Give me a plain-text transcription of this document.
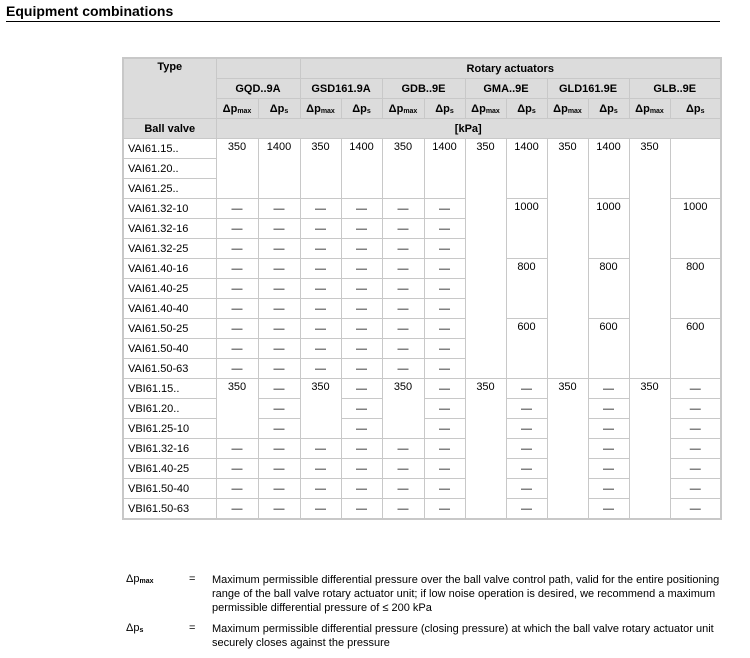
Equipment combinations
Type			Rotary actuators									
	GQD..9A		GSD161.9A		GDB..9E		GMA..9E		GLD161.9E		GLB..9E	
	$\Delta p_{max}$	$\Delta p_s$	$\Delta p_{max}$	$\Delta p_s$	$\Delta p_{max}$	$\Delta p_s$	$\Delta p_{max}$	$\Delta p_s$	$\Delta p_{max}$	$\Delta p_s$	$\Delta p_{max}$	$\Delta p_s$
Ball valve	[kPa]											
VAI61.15..	350	1400	350	1400	350	1400	350	1400	350	1400	350	
VAI61.20..												
VAI61.25..												
VAI61.32-10	—	—	—	—	—	—		1000		1000		1000
VAI61.32-16	—	—	—	—	—	—						
VAI61.32-25	—	—	—	—	—	—						
VAI61.40-16	—	—	—	—	—	—		800		800		800
VAI61.40-25	—	—	—	—	—	—						
VAI61.40-40	—	—	—	—	—	—						
VAI61.50-25	—	—	—	—	—	—		600		600		600
VAI61.50-40	—	—	—	—	—	—						
VAI61.50-63	—	—	—	—	—	—						
VBI61.15..	350	—	350	—	350	—	350	—	350	—	350	—
VBI61.20..		—		—		—		—		—		—
VBI61.25-10		—		—		—		—		—		—
VBI61.32-16	—	—	—	—	—	—		—		—		—
VBI61.40-25	—	—	—	—	—	—		—		—		—
VBI61.50-40	—	—	—	—	—	—		—		—		—
VBI61.50-63	—	—	—	—	—	—		—		—		—
$\Delta p_{max}$	= Maximum permissible differential pressure over the ball valve control path, valid for the entire positioning range of the ball valve rotary actuator unit; if low noise operation is desired, we recommend a maximum permissible differential pressure of ≤ 200 kPa
$\Delta p_s$	= Maximum permissible differential pressure (closing pressure) at which the ball valve rotary actuator unit securely closes against the pressure
